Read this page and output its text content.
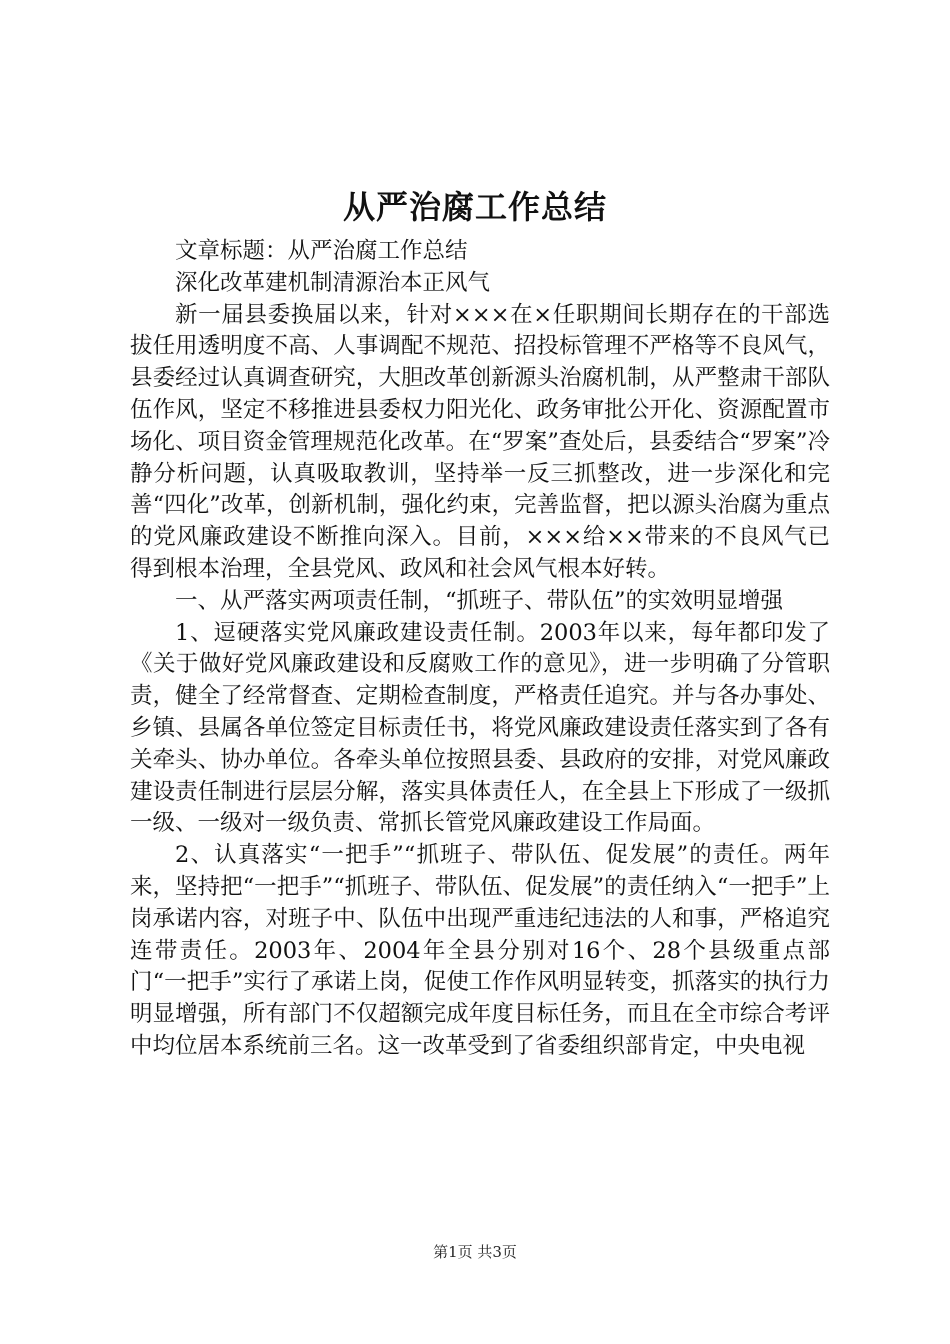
从严治腐工作总结

文章标题：从严治腐工作总结

深化改革建机制清源治本正风气

新一届县委换届以来，针对×××在×任职期间长期存在的干部选拔任用透明度不高、人事调配不规范、招投标管理不严格等不良风气，县委经过认真调查研究，大胆改革创新源头治腐机制，从严整肃干部队伍作风，坚定不移推进县委权力阳光化、政务审批公开化、资源配置市场化、项目资金管理规范化改革。在“罗案”查处后，县委结合“罗案”冷静分析问题，认真吸取教训，坚持举一反三抓整改，进一步深化和完善“四化”改革，创新机制，强化约束，完善监督，把以源头治腐为重点的党风廉政建设不断推向深入。目前，×××给××带来的不良风气已得到根本治理，全县党风、政风和社会风气根本好转。

一、从严落实两项责任制，“抓班子、带队伍”的实效明显增强

1、逗硬落实党风廉政建设责任制。2003年以来，每年都印发了《关于做好党风廉政建设和反腐败工作的意见》，进一步明确了分管职责，健全了经常督查、定期检查制度，严格责任追究。并与各办事处、乡镇、县属各单位签定目标责任书，将党风廉政建设责任落实到了各有关牵头、协办单位。各牵头单位按照县委、县政府的安排，对党风廉政建设责任制进行层层分解，落实具体责任人，在全县上下形成了一级抓一级、一级对一级负责、常抓长管党风廉政建设工作局面。

2、认真落实“一把手”“抓班子、带队伍、促发展”的责任。两年来，坚持把“一把手”“抓班子、带队伍、促发展”的责任纳入“一把手”上岗承诺内容，对班子中、队伍中出现严重违纪违法的人和事，严格追究连带责任。2003年、2004年全县分别对16个、28个县级重点部门“一把手”实行了承诺上岗，促使工作作风明显转变，抓落实的执行力明显增强，所有部门不仅超额完成年度目标任务，而且在全市综合考评中均位居本系统前三名。这一改革受到了省委组织部肯定，中央电视

第1页 共3页
